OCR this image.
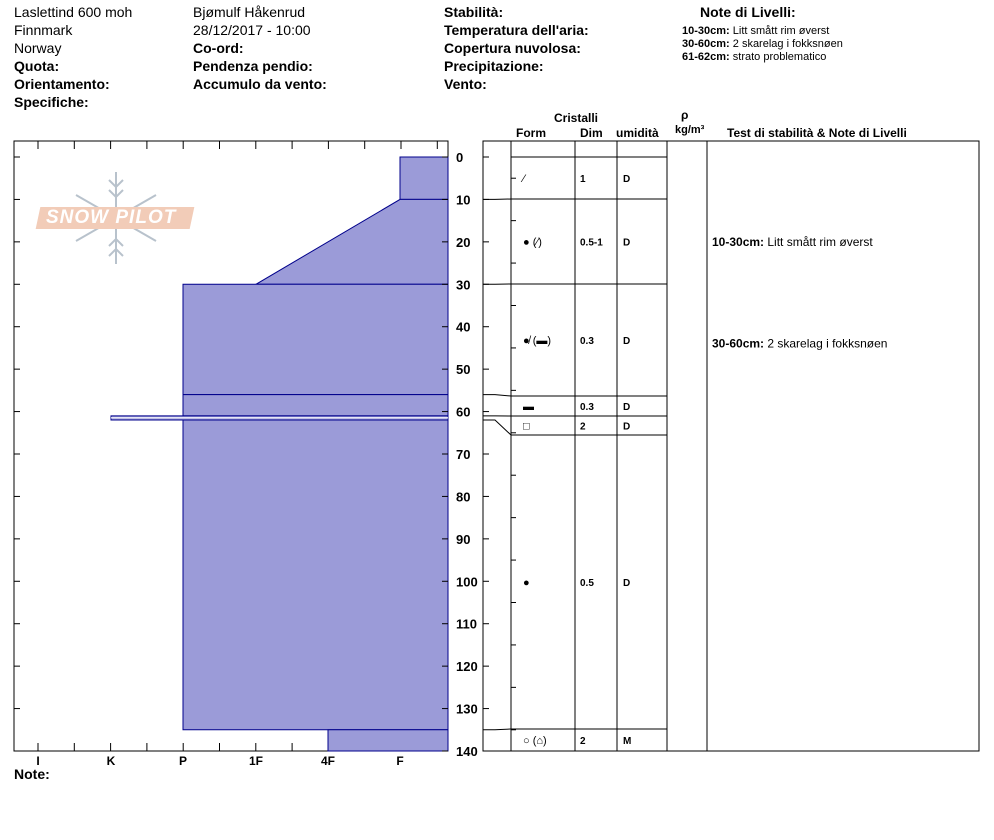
Laslettind 600 moh
Finnmark
Norway
Quota:
Orientamento:
Specifiche:
Bjømulf Håkenrud
28/12/2017 - 10:00
Co-ord:
Pendenza pendio:
Accumulo da vento:
Stabilità:
Temperatura dell'aria:
Copertura nuvolosa:
Precipitazione:
Vento:
Note di Livelli:
10-30cm: Litt smått rim øverst
30-60cm: 2 skarelag i fokksnøen
61-62cm: strato problematico
Cristalli
Form	Dim umidità
ρ
kg/m³ Test di stabilità & Note di Livelli
Note:
SNOW PILOT
0
10
20
30
40
50
60
70
80
90
100
110
120
130
140
I	K	P	1F	4F	F
⁄	1	D
● (⁄)	0.5-1 D
●̸ (▬)	0.3	D
▬	0.3	D
□	2	D
●	0.5	D
○ (⌂)	2	M
10-30cm: Litt smått rim øverst
30-60cm: 2 skarelag i fokksnøen
